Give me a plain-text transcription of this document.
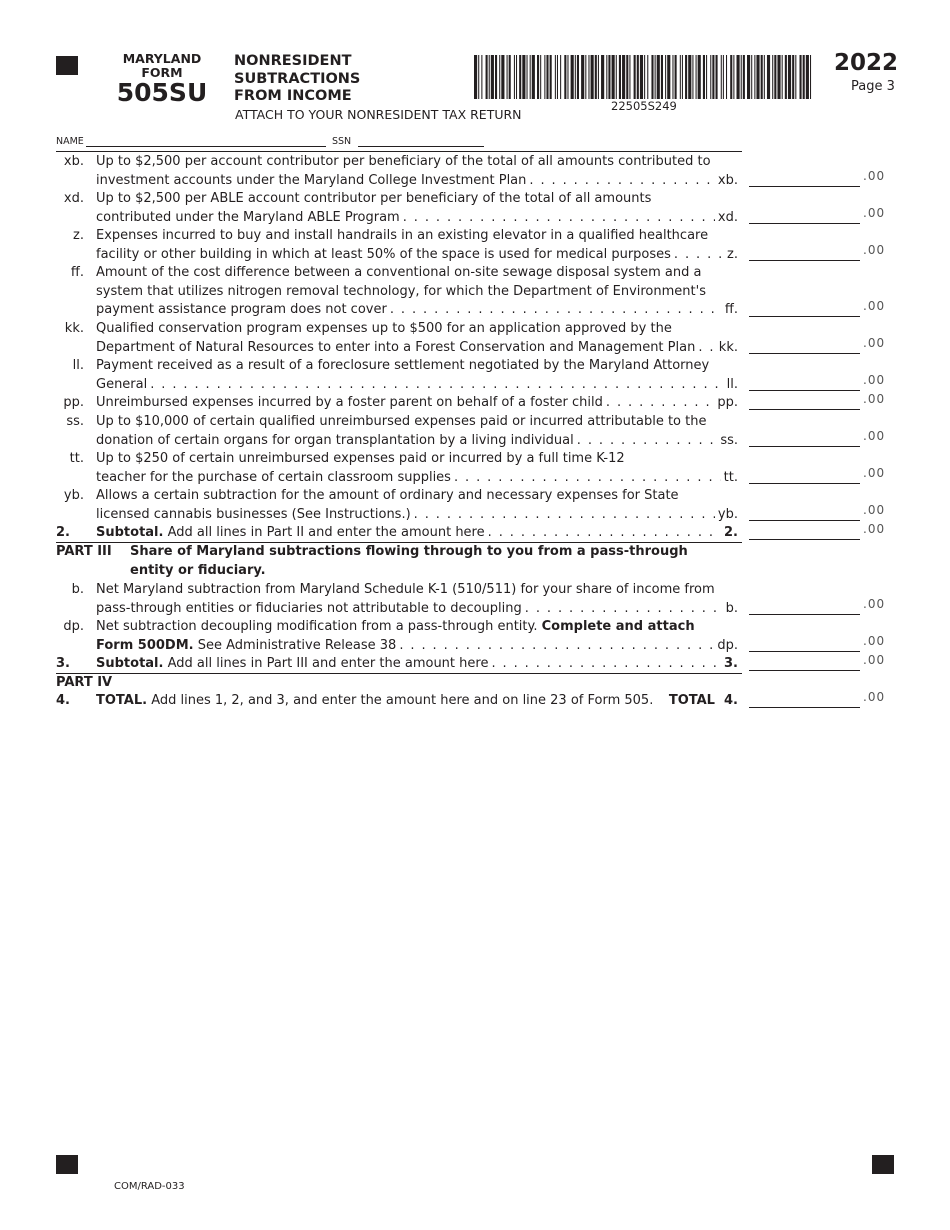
MARYLAND
FORM
505SU
NONRESIDENT
SUBTRACTIONS
FROM INCOME
ATTACH TO YOUR NONRESIDENT TAX RETURN
22505S249
2022
Page 3
NAME	SSN
xb. Up to $2,500 per account contributor per beneficiary of the total of all amounts contributed to
investment accounts under the Maryland College Investment Plan . . .	xb.	.00
xd. Up to $2,500 per ABLE account contributor per beneficiary of the total of all amounts
contributed under the Maryland ABLE Program . . .	xd.	.00
z. Expenses incurred to buy and install handrails in an existing elevator in a qualified healthcare
facility or other building in which at least 50% of the space is used for medical purposes . . .	z.	.00
ff. Amount of the cost difference between a conventional on-site sewage disposal system and a
system that utilizes nitrogen removal technology, for which the Department of Environment's
payment assistance program does not cover . . .	ff.	.00
kk. Qualified conservation program expenses up to $500 for an application approved by the
Department of Natural Resources to enter into a Forest Conservation and Management Plan . . . kk.	.00
ll. Payment received as a result of a foreclosure settlement negotiated by the Maryland Attorney
General . . .	ll.	.00
pp. Unreimbursed expenses incurred by a foster parent on behalf of a foster child . . .	pp.	.00
ss. Up to $10,000 of certain qualified unreimbursed expenses paid or incurred attributable to the
donation of certain organs for organ transplantation by a living individual . . .	ss.	.00
tt. Up to $250 of certain unreimbursed expenses paid or incurred by a full time K-12
teacher for the purchase of certain classroom supplies . . .	tt.	.00
yb. Allows a certain subtraction for the amount of ordinary and necessary expenses for State
licensed cannabis businesses (See Instructions.) . . .	yb.	.00
2.	Subtotal.
Add all lines in Part II and enter the amount here . . .	2.	.00
PART III Share of Maryland subtractions flowing through to you from a pass-through
entity or fiduciary.
b. Net Maryland subtraction from Maryland Schedule K-1 (510/511) for your share of income from
pass-through entities or fiduciaries not attributable to decoupling . . .	b.	.00
dp. Net subtraction decoupling modification from a pass-through entity. Complete and attach
Form 500DM.
See Administrative Release 38 . . .	dp.	.00
3.	Subtotal.
Add all lines in Part III and enter the amount here . . .	3.	.00
PART IV
4.	TOTAL.
Add lines 1, 2, and 3, and enter the amount here and on line 23 of Form 505. TOTAL  4.	.00
COM/RAD-033
